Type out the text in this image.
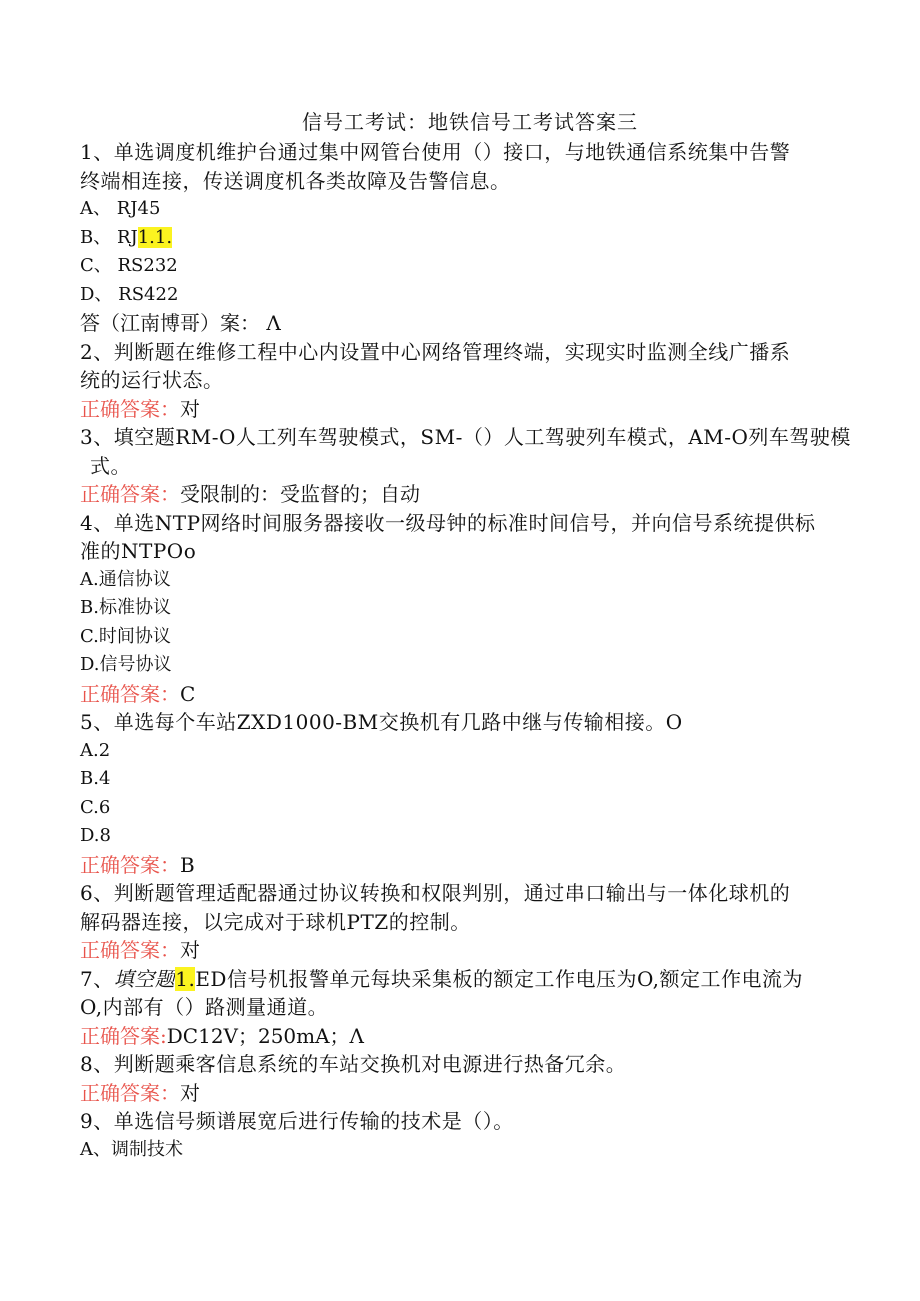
信号工考试：地铁信号工考试答案三
1、单选调度机维护台通过集中网管台使用（）接口，与地铁通信系统集中告警
终端相连接，传送调度机各类故障及告警信息。
A、 RJ45
B、 RJ1.1.
C、 RS232
D、 RS422
答（江南博哥）案： Λ
2、判断题在维修工程中心内设置中心网络管理终端，实现实时监测全线广播系
统的运行状态。
正确答案：对
3、填空题RM-O人工列车驾驶模式，SM-（）人工驾驶列车模式，AM-O列车驾驶模
式。
正确答案：受限制的：受监督的；自动
4、单选NTP网络时间服务器接收一级母钟的标准时间信号，并向信号系统提供标
准的NTPOo
A.通信协议
B.标准协议
C.时间协议
D.信号协议
正确答案：C
5、单选每个车站ZXD1000-BM交换机有几路中继与传输相接。O
A.2
B.4
C.6
D.8
正确答案：B
6、判断题管理适配器通过协议转换和权限判别，通过串口输出与一体化球机的
解码器连接，以完成对于球机PTZ的控制。
正确答案：对
7、填空题1.ED信号机报警单元每块采集板的额定工作电压为O,额定工作电流为
O,内部有（）路测量通道。
正确答案:DC12V；250mA；Λ
8、判断题乘客信息系统的车站交换机对电源进行热备冗余。
正确答案：对
9、单选信号频谱展宽后进行传输的技术是（）。
A、调制技术
